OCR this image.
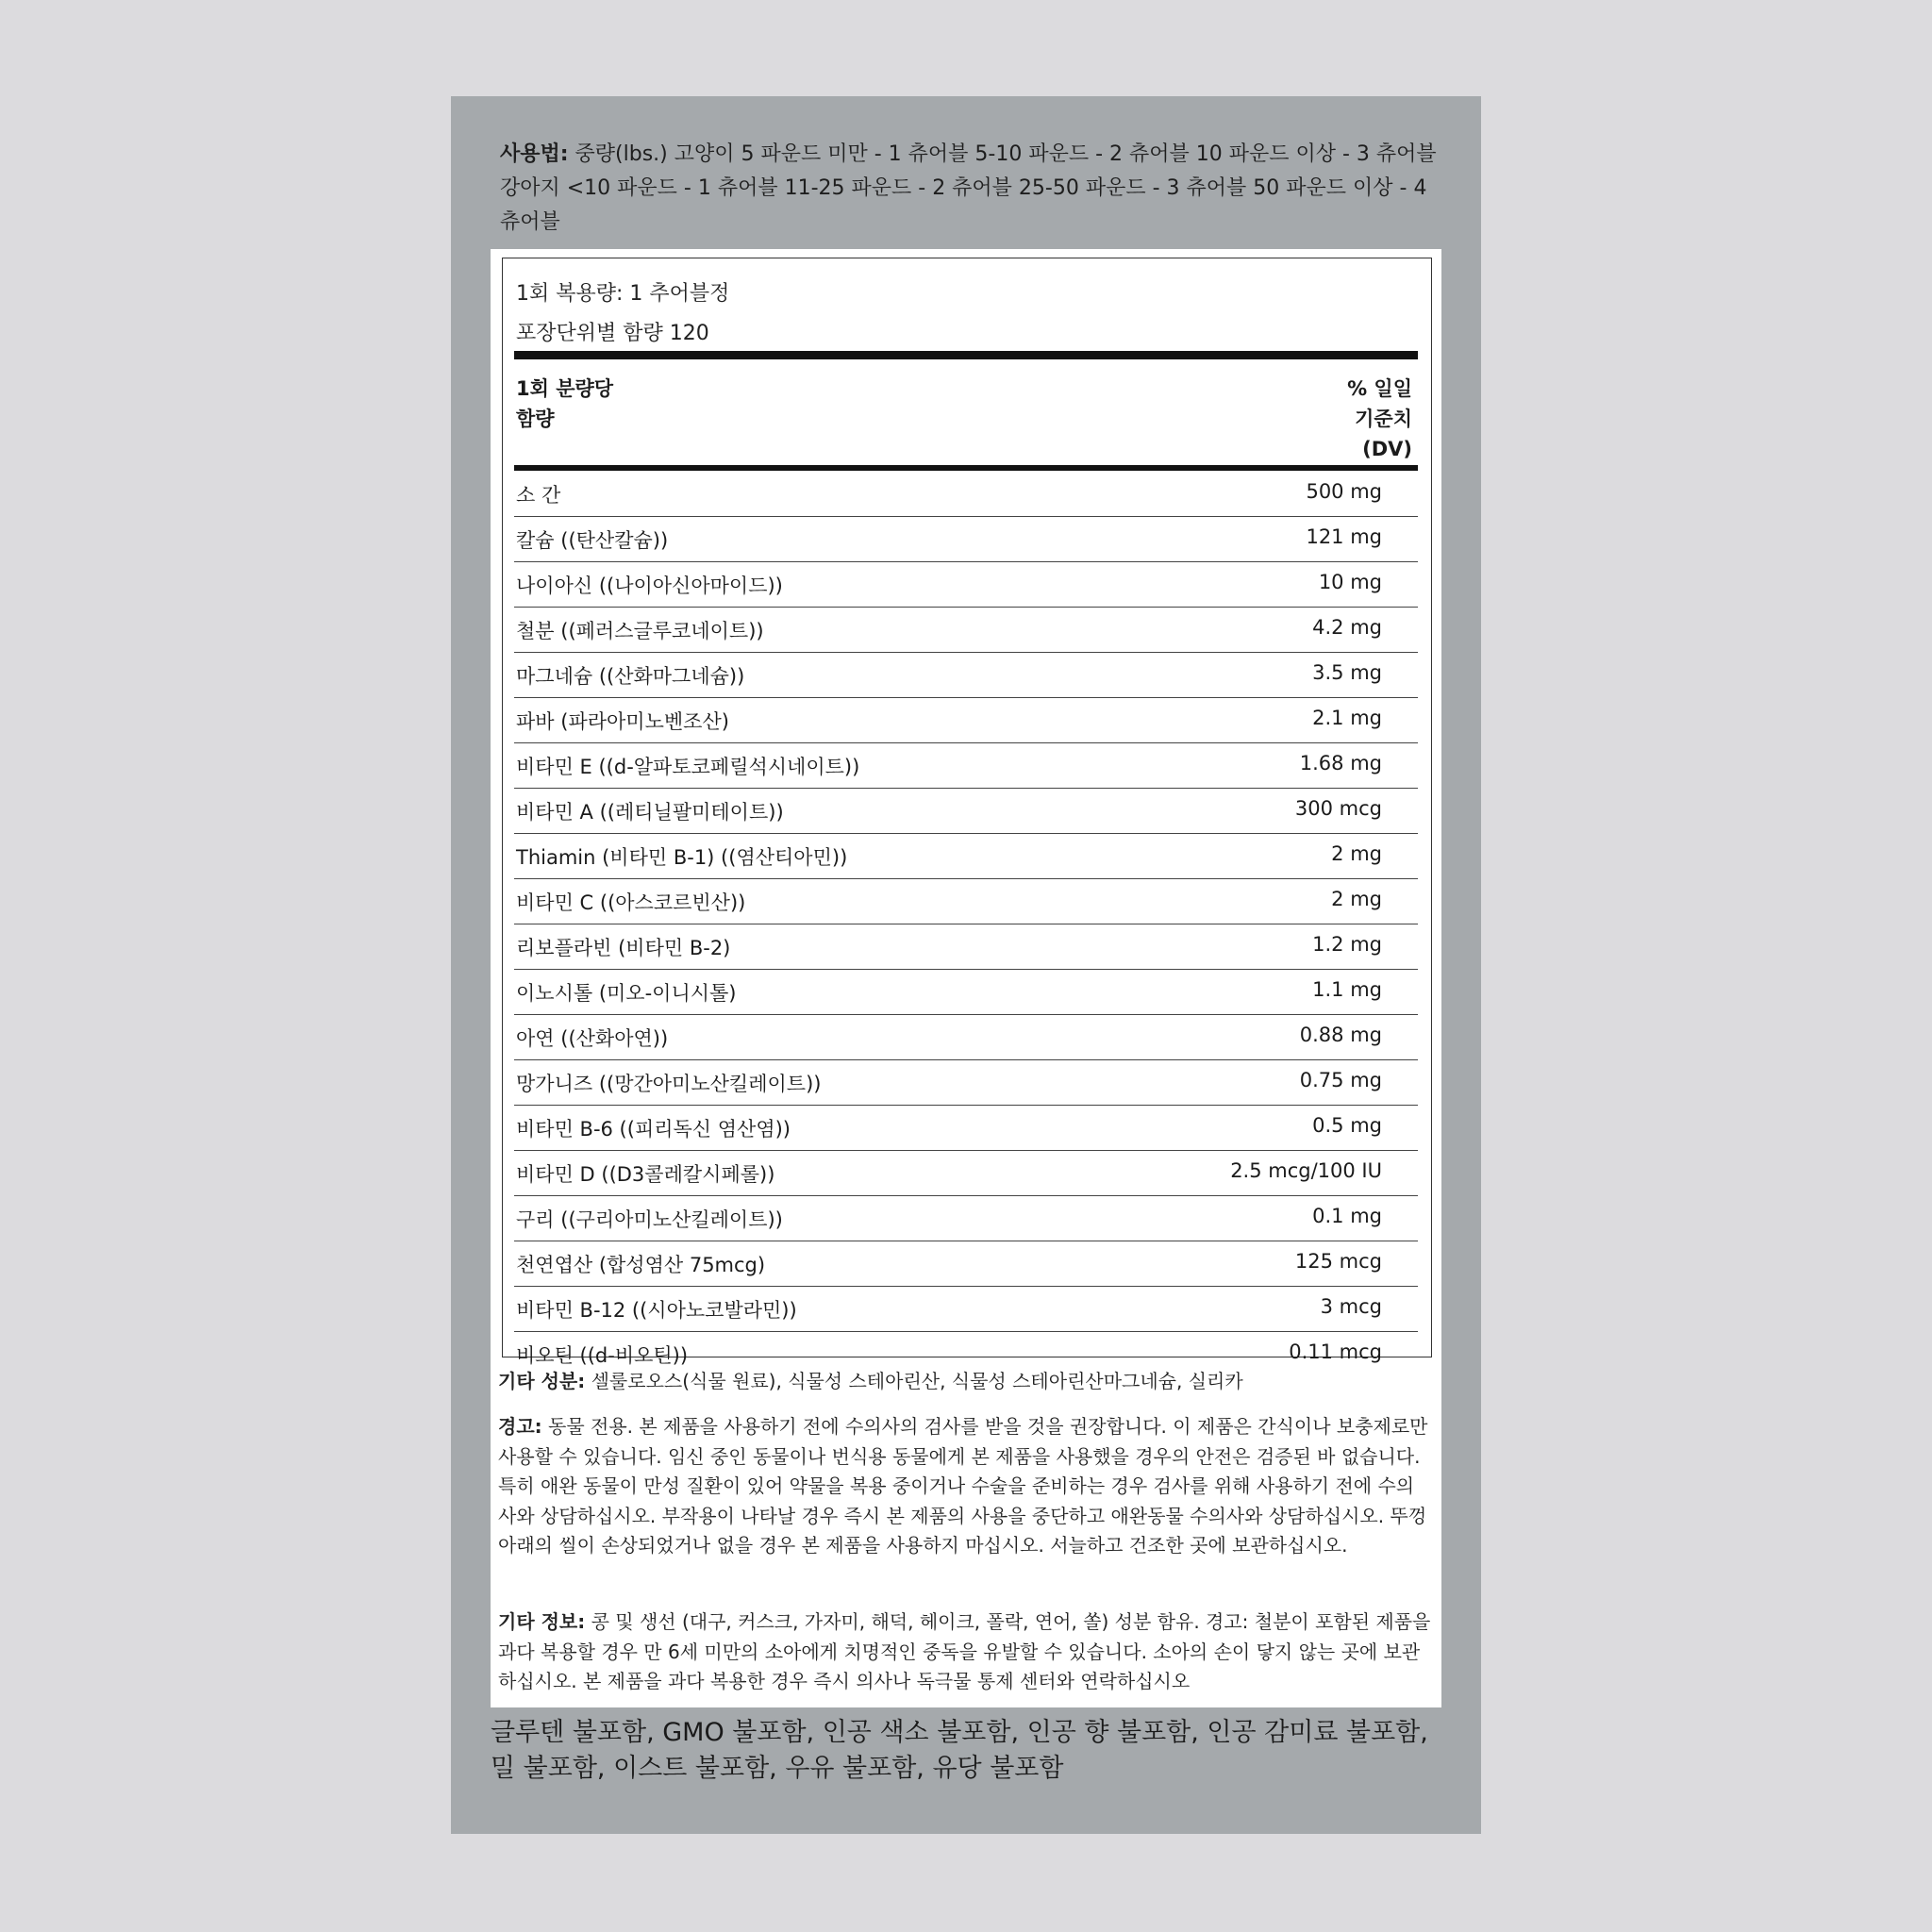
사용법: 중량(lbs.) 고양이 5 파운드 미만 - 1 츄어블 5-10 파운드 - 2 츄어블 10 파운드 이상 - 3 츄어블 강아지 <10 파운드 - 1 츄어블 11-25 파운드 - 2 츄어블 25-50 파운드 - 3 츄어블 50 파운드 이상 - 4 츄어블
1회 복용량: 1 추어블정
포장단위별 함량 120
1회 분량당
함량
% 일일
기준치
(DV)
소 간	500 mg
칼슘 ((탄산칼슘))	121 mg
나이아신 ((나이아신아마이드))	10 mg
철분 ((페러스글루코네이트))	4.2 mg
마그네슘 ((산화마그네슘))	3.5 mg
파바 (파라아미노벤조산)	2.1 mg
비타민 E ((d-알파토코페릴석시네이트))	1.68 mg
비타민 A ((레티닐팔미테이트))	300 mcg
Thiamin (비타민 B-1) ((염산티아민))	2 mg
비타민 C ((아스코르빈산))	2 mg
리보플라빈 (비타민 B-2)	1.2 mg
이노시톨 (미오-이니시톨)	1.1 mg
아연 ((산화아연))	0.88 mg
망가니즈 ((망간아미노산킬레이트))	0.75 mg
비타민 B-6 ((피리독신 염산염))	0.5 mg
비타민 D ((D3콜레칼시페롤))	2.5 mcg/100 IU
구리 ((구리아미노산킬레이트))	0.1 mg
천연엽산 (합성염산 75mcg)	125 mcg
비타민 B-12 ((시아노코발라민))	3 mcg
비오틴 ((d-비오틴))	0.11 mcg
기타 성분: 셀룰로오스(식물 원료), 식물성 스테아린산, 식물성 스테아린산마그네슘, 실리카
경고: 동물 전용. 본 제품을 사용하기 전에 수의사의 검사를 받을 것을 권장합니다. 이 제품은 간식이나 보충제로만 사용할 수 있습니다. 임신 중인 동물이나 번식용 동물에게 본 제품을 사용했을 경우의 안전은 검증된 바 없습니다. 특히 애완 동물이 만성 질환이 있어 약물을 복용 중이거나 수술을 준비하는 경우 검사를 위해 사용하기 전에 수의사와 상담하십시오. 부작용이 나타날 경우 즉시 본 제품의 사용을 중단하고 애완동물 수의사와 상담하십시오. 뚜껑 아래의 씰이 손상되었거나 없을 경우 본 제품을 사용하지 마십시오. 서늘하고 건조한 곳에 보관하십시오.
기타 정보: 콩 및 생선 (대구, 커스크, 가자미, 해덕, 헤이크, 폴락, 연어, 쏠) 성분 함유. 경고: 철분이 포함된 제품을 과다 복용할 경우 만 6세 미만의 소아에게 치명적인 중독을 유발할 수 있습니다. 소아의 손이 닿지 않는 곳에 보관하십시오. 본 제품을 과다 복용한 경우 즉시 의사나 독극물 통제 센터와 연락하십시오
글루텐 불포함, GMO 불포함, 인공 색소 불포함, 인공 향 불포함, 인공 감미료 불포함, 밀 불포함, 이스트 불포함, 우유 불포함, 유당 불포함
